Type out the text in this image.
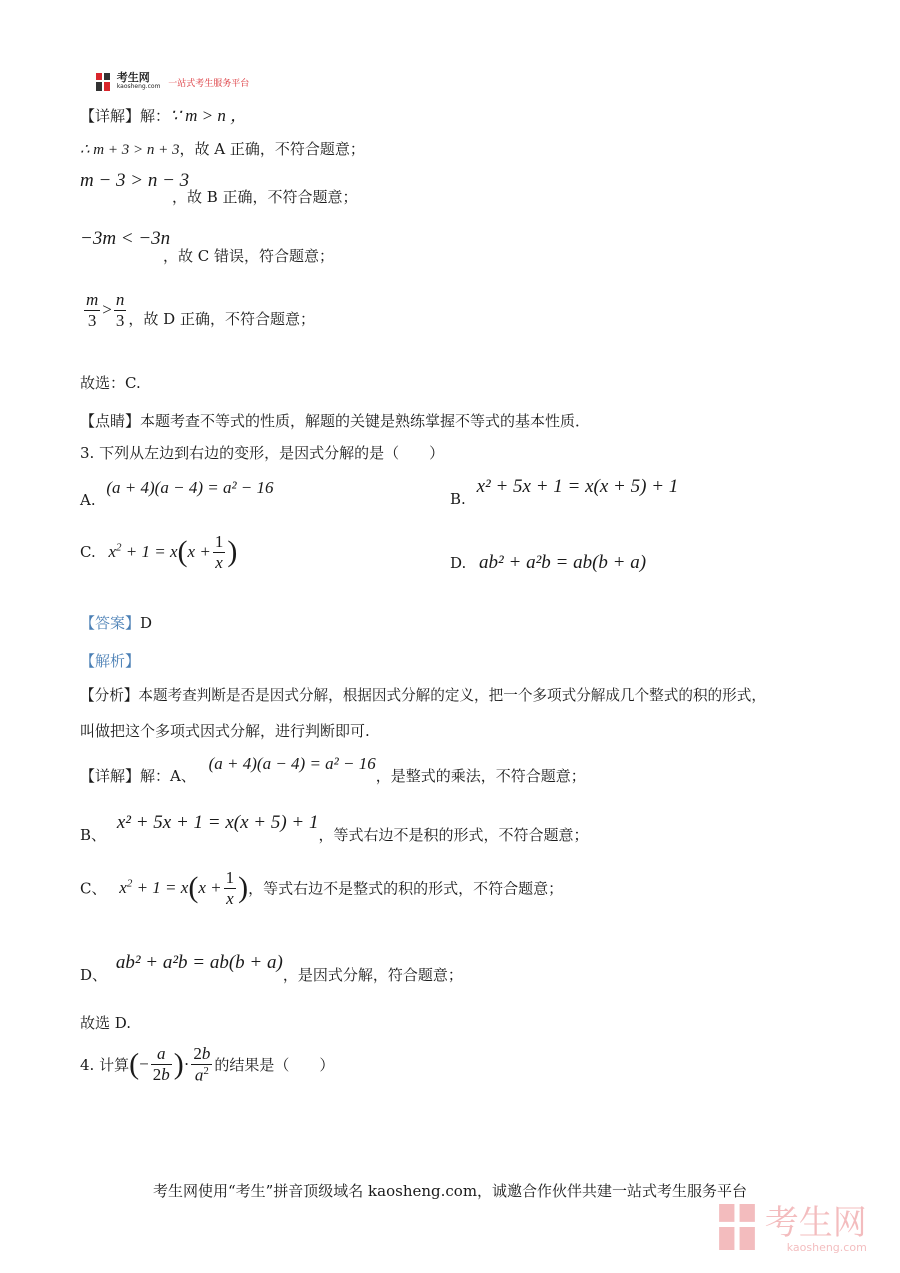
考生网
kaosheng.com 一站式考生服务平台
【详解】解：∵ m > n ，
∴ m + 3 > n + 3，故 A 正确，不符合题意；
m − 3 > n − 3
，故 B 正确，不符合题意；
−3m < −3n
，故 C 错误，符合题意；
$\frac{m}{3} > \frac{n}{3}$ ，故 D 正确，不符合题意；
故选：C.
【点睛】本题考查不等式的性质，解题的关键是熟练掌握不等式的基本性质．
3. 下列从左边到右边的变形，是因式分解的是（　　）
A. (a + 4)(a − 4) = a² − 16
B. x² + 5x + 1 = x(x + 5) + 1
C. $x^2 + 1 = x(x + \frac{1}{x}$ )	D. ab² + a²b = ab(b + a)
【答案】D
【解析】
【分析】本题考查判断是否是因式分解，根据因式分解的定义，把一个多项式分解成几个整式的积的形式，
叫做把这个多项式因式分解，进行判断即可.
【详解】解：A、 (a + 4)(a − 4) = a² − 16，是整式的乘法，不符合题意；
B、 x² + 5x + 1 = x(x + 5) + 1，等式右边不是积的形式，不符合题意；
C、 $x^2 + 1 = x(x + \frac{1}{x}$ )，等式右边不是整式的积的形式，不符合题意；
D、 ab² + a²b = ab(b + a)，是因式分解，符合题意；
故选 D.
4. 计算(− $\frac{a}{2b}$ )· $\frac{2b}{a^2}$ 的结果是（　　）
考生网使用“考生”拼音顶级域名 kaosheng.com，诚邀合作伙伴共建一站式考生服务平台

考生网
kaosheng.com
